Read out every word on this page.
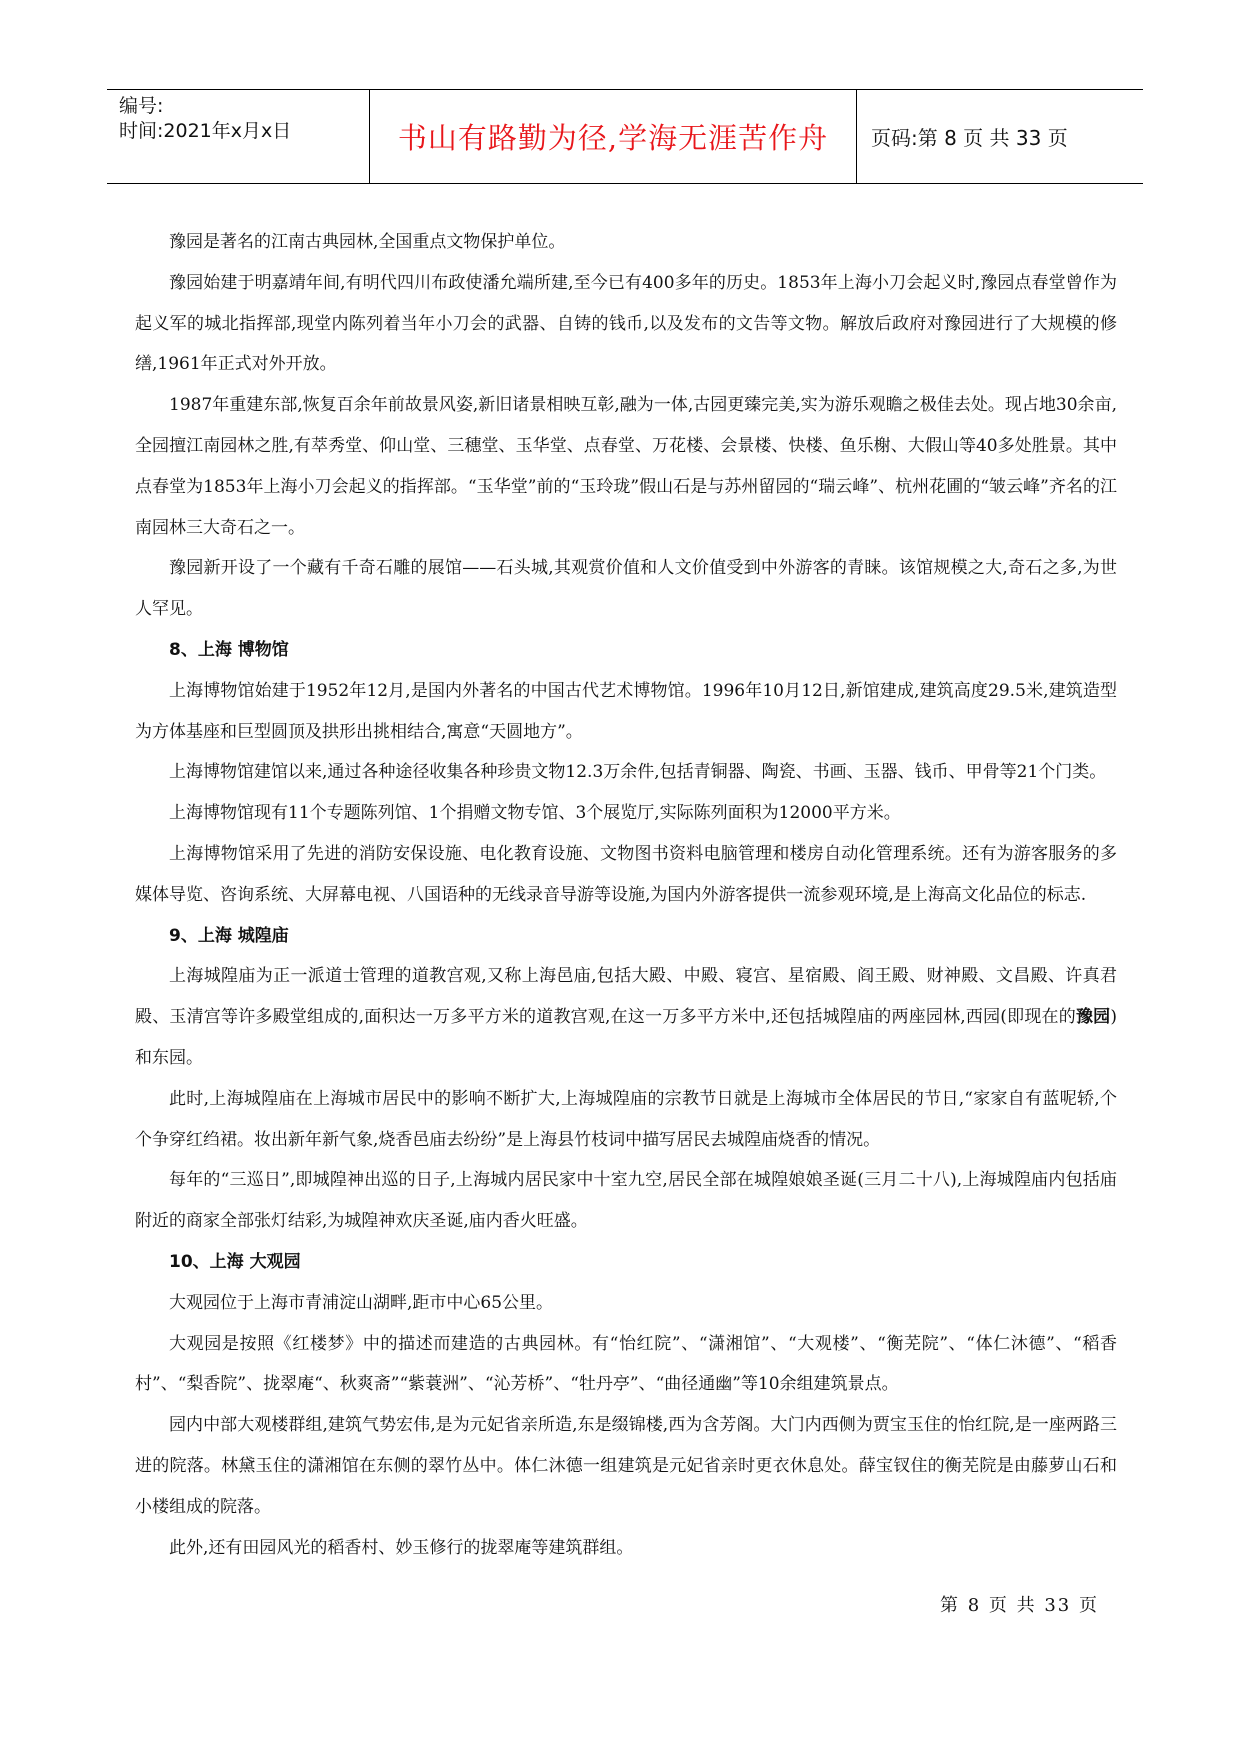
编号:
时间:2021年x月x日	书山有路勤为径,学海无涯苦作舟 页码:第 8 页 共 33 页

豫园是著名的江南古典园林,全国重点文物保护单位。

豫园始建于明嘉靖年间,有明代四川布政使潘允端所建,至今已有400多年的历史。1853年上海小刀会起义时,豫园点春堂曾作为起义军的城北指挥部,现堂内陈列着当年小刀会的武器、自铸的钱币,以及发布的文告等文物。解放后政府对豫园进行了大规模的修缮,1961年正式对外开放。

1987年重建东部,恢复百余年前故景风姿,新旧诸景相映互彰,融为一体,古园更臻完美,实为游乐观瞻之极佳去处。现占地30余亩,全园擅江南园林之胜,有萃秀堂、仰山堂、三穗堂、玉华堂、点春堂、万花楼、会景楼、快楼、鱼乐榭、大假山等40多处胜景。其中点春堂为1853年上海小刀会起义的指挥部。“玉华堂”前的“玉玲珑”假山石是与苏州留园的“瑞云峰”、杭州花圃的“皱云峰”齐名的江南园林三大奇石之一。

豫园新开设了一个藏有千奇石雕的展馆——石头城,其观赏价值和人文价值受到中外游客的青睐。该馆规模之大,奇石之多,为世人罕见。

8、上海 博物馆

上海博物馆始建于1952年12月,是国内外著名的中国古代艺术博物馆。1996年10月12日,新馆建成,建筑高度29.5米,建筑造型为方体基座和巨型圆顶及拱形出挑相结合,寓意“天圆地方”。

上海博物馆建馆以来,通过各种途径收集各种珍贵文物12.3万余件,包括青铜器、陶瓷、书画、玉器、钱币、甲骨等21个门类。

上海博物馆现有11个专题陈列馆、1个捐赠文物专馆、3个展览厅,实际陈列面积为12000平方米。

上海博物馆采用了先进的消防安保设施、电化教育设施、文物图书资料电脑管理和楼房自动化管理系统。还有为游客服务的多媒体导览、咨询系统、大屏幕电视、八国语种的无线录音导游等设施,为国内外游客提供一流参观环境,是上海高文化品位的标志.

9、上海 城隍庙

上海城隍庙为正一派道士管理的道教宫观,又称上海邑庙,包括大殿、中殿、寝宫、星宿殿、阎王殿、财神殿、文昌殿、许真君殿、玉清宫等许多殿堂组成的,面积达一万多平方米的道教宫观,在这一万多平方米中,还包括城隍庙的两座园林,西园(即现在的豫园)和东园。

此时,上海城隍庙在上海城市居民中的影响不断扩大,上海城隍庙的宗教节日就是上海城市全体居民的节日,“家家自有蓝呢轿,个个争穿红绉裙。妆出新年新气象,烧香邑庙去纷纷”是上海县竹枝词中描写居民去城隍庙烧香的情况。

每年的“三巡日”,即城隍神出巡的日子,上海城内居民家中十室九空,居民全部在城隍娘娘圣诞(三月二十八),上海城隍庙内包括庙附近的商家全部张灯结彩,为城隍神欢庆圣诞,庙内香火旺盛。

10、上海 大观园

大观园位于上海市青浦淀山湖畔,距市中心65公里。

大观园是按照《红楼梦》中的描述而建造的古典园林。有“怡红院”、“潇湘馆”、“大观楼”、“衡芜院”、“体仁沐德”、“稻香村”、“梨香院”、拢翠庵“、秋爽斋”“紫蓑洲”、“沁芳桥”、“牡丹亭”、“曲径通幽”等10余组建筑景点。

园内中部大观楼群组,建筑气势宏伟,是为元妃省亲所造,东是缀锦楼,西为含芳阁。大门内西侧为贾宝玉住的怡红院,是一座两路三进的院落。林黛玉住的潇湘馆在东侧的翠竹丛中。体仁沐德一组建筑是元妃省亲时更衣休息处。薛宝钗住的衡芜院是由藤萝山石和小楼组成的院落。

此外,还有田园风光的稻香村、妙玉修行的拢翠庵等建筑群组。

第 8 页 共 33 页
